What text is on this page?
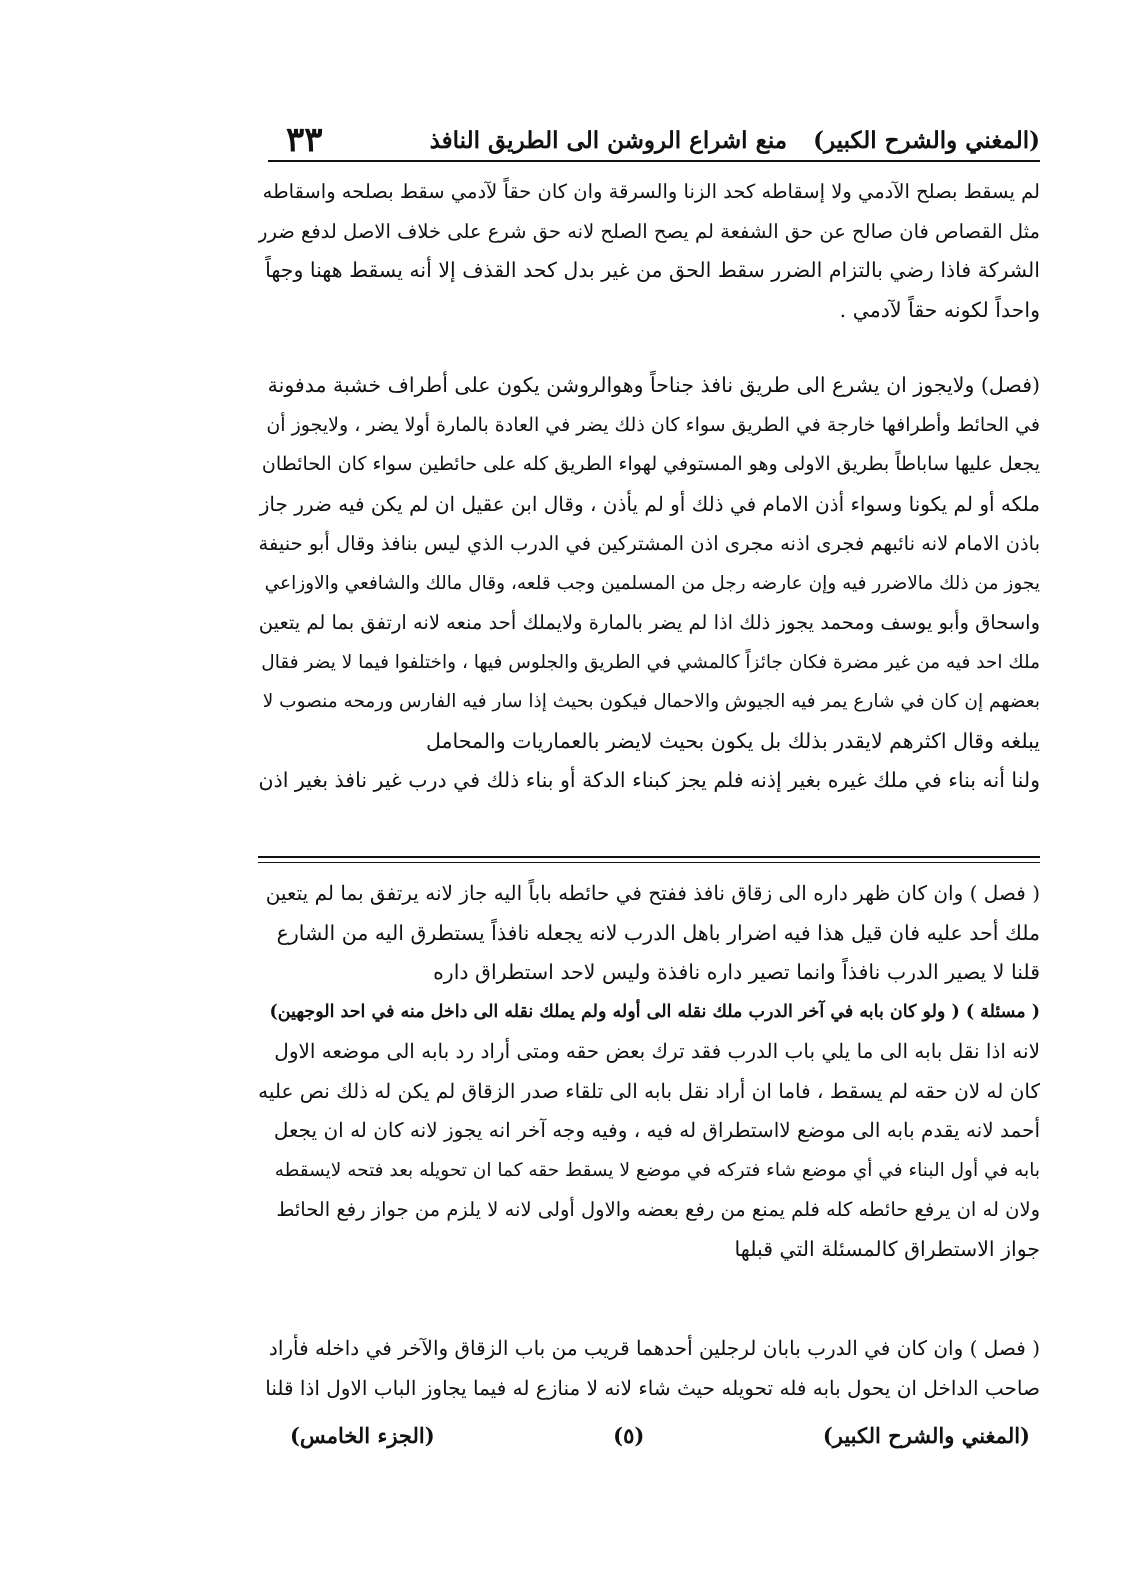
(المغني والشرح الكبير)
منع اشراع الروشن الى الطريق النافذ
٣٣
لم يسقط بصلح الآدمي ولا إسقاطه كحد الزنا والسرقة وان كان حقاً لآدمي سقط بصلحه واسقاطه
مثل القصاص فان صالح عن حق الشفعة لم يصح الصلح لانه حق شرع على خلاف الاصل لدفع ضرر
الشركة فاذا رضي بالتزام الضرر سقط الحق من غير بدل كحد القذف إلا أنه يسقط ههنا وجهاً
واحداً لكونه حقاً لآدمي .
(فصل) ولايجوز ان يشرع الى طريق نافذ جناحاً وهوالروشن يكون على أطراف خشبة مدفونة
في الحائط وأطرافها خارجة في الطريق سواء كان ذلك يضر في العادة بالمارة أولا يضر ، ولايجوز أن
يجعل عليها ساباطاً بطريق الاولى وهو المستوفي لهواء الطريق كله على حائطين سواء كان الحائطان
ملكه أو لم يكونا وسواء أذن الامام في ذلك أو لم يأذن ، وقال ابن عقيل ان لم يكن فيه ضرر جاز
باذن الامام لانه نائبهم فجرى اذنه مجرى اذن المشتركين في الدرب الذي ليس بنافذ وقال أبو حنيفة
يجوز من ذلك مالاضرر فيه وإن عارضه رجل من المسلمين وجب قلعه، وقال مالك والشافعي والاوزاعي
واسحاق وأبو يوسف ومحمد يجوز ذلك اذا لم يضر بالمارة ولايملك أحد منعه لانه ارتفق بما لم يتعين
ملك احد فيه من غير مضرة فكان جائزاً كالمشي في الطريق والجلوس فيها ، واختلفوا فيما لا يضر فقال
بعضهم إن كان في شارع يمر فيه الجيوش والاحمال فيكون بحيث إذا سار فيه الفارس ورمحه منصوب لا
يبلغه وقال اكثرهم لايقدر بذلك بل يكون بحيث لايضر بالعماريات والمحامل
ولنا أنه بناء في ملك غيره بغير إذنه فلم يجز كبناء الدكة أو بناء ذلك في درب غير نافذ بغير اذن
( فصل ) وان كان ظهر داره الى زقاق نافذ ففتح في حائطه باباً اليه جاز لانه يرتفق بما لم يتعين
ملك أحد عليه فان قيل هذا فيه اضرار باهل الدرب لانه يجعله نافذاً يستطرق اليه من الشارع
قلنا لا يصير الدرب نافذاً وانما تصير داره نافذة وليس لاحد استطراق داره
( مسئلة ) ( ولو كان بابه في آخر الدرب ملك نقله الى أوله ولم يملك نقله الى داخل منه في احد الوجهين)
لانه اذا نقل بابه الى ما يلي باب الدرب فقد ترك بعض حقه ومتى أراد رد بابه الى موضعه الاول
كان له لان حقه لم يسقط ، فاما ان أراد نقل بابه الى تلقاء صدر الزقاق لم يكن له ذلك نص عليه
أحمد لانه يقدم بابه الى موضع لااستطراق له فيه ، وفيه وجه آخر انه يجوز لانه كان له ان يجعل
بابه في أول البناء في أي موضع شاء فتركه في موضع لا يسقط حقه كما ان تحويله بعد فتحه لايسقطه
ولان له ان يرفع حائطه كله فلم يمنع من رفع بعضه والاول أولى لانه لا يلزم من جواز رفع الحائط
جواز الاستطراق كالمسئلة التي قبلها
( فصل ) وان كان في الدرب بابان لرجلين أحدهما قريب من باب الزقاق والآخر في داخله فأراد
صاحب الداخل ان يحول بابه فله تحويله حيث شاء لانه لا منازع له فيما يجاوز الباب الاول اذا قلنا
(المغني والشرح الكبير)
(٥)
(الجزء الخامس)
